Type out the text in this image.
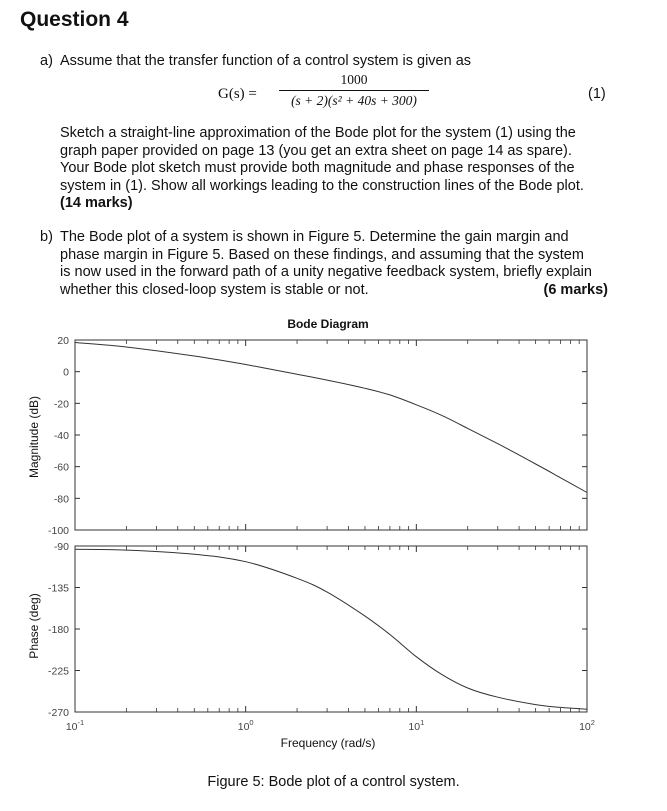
Question 4
a) Assume that the transfer function of a control system is given as
G(s) =
1000
(s + 2)(s² + 40s + 300)	(1)
Sketch a straight-line approximation of the Bode plot for the system (1) using the
graph paper provided on page 13 (you get an extra sheet on page 14 as spare).
Your Bode plot sketch must provide both magnitude and phase responses of the
system in (1). Show all workings leading to the construction lines of the Bode plot.
(14 marks)
b) The Bode plot of a system is shown in Figure 5. Determine the gain margin and
phase margin in Figure 5. Based on these findings, and assuming that the system
is now used in the forward path of a unity negative feedback system, briefly explain
whether this closed-loop system is stable or not.	(6 marks)
Bode Diagram
20
0
-20
-40
-60
-80
-100
-90
-135
-180
-225
-270
$10^{-1}$	$10^0$	$10^1$	$10^2$
Frequency (rad/s)
Magnitude (dB)
Phase (deg)
Figure 5: Bode plot of a control system.
